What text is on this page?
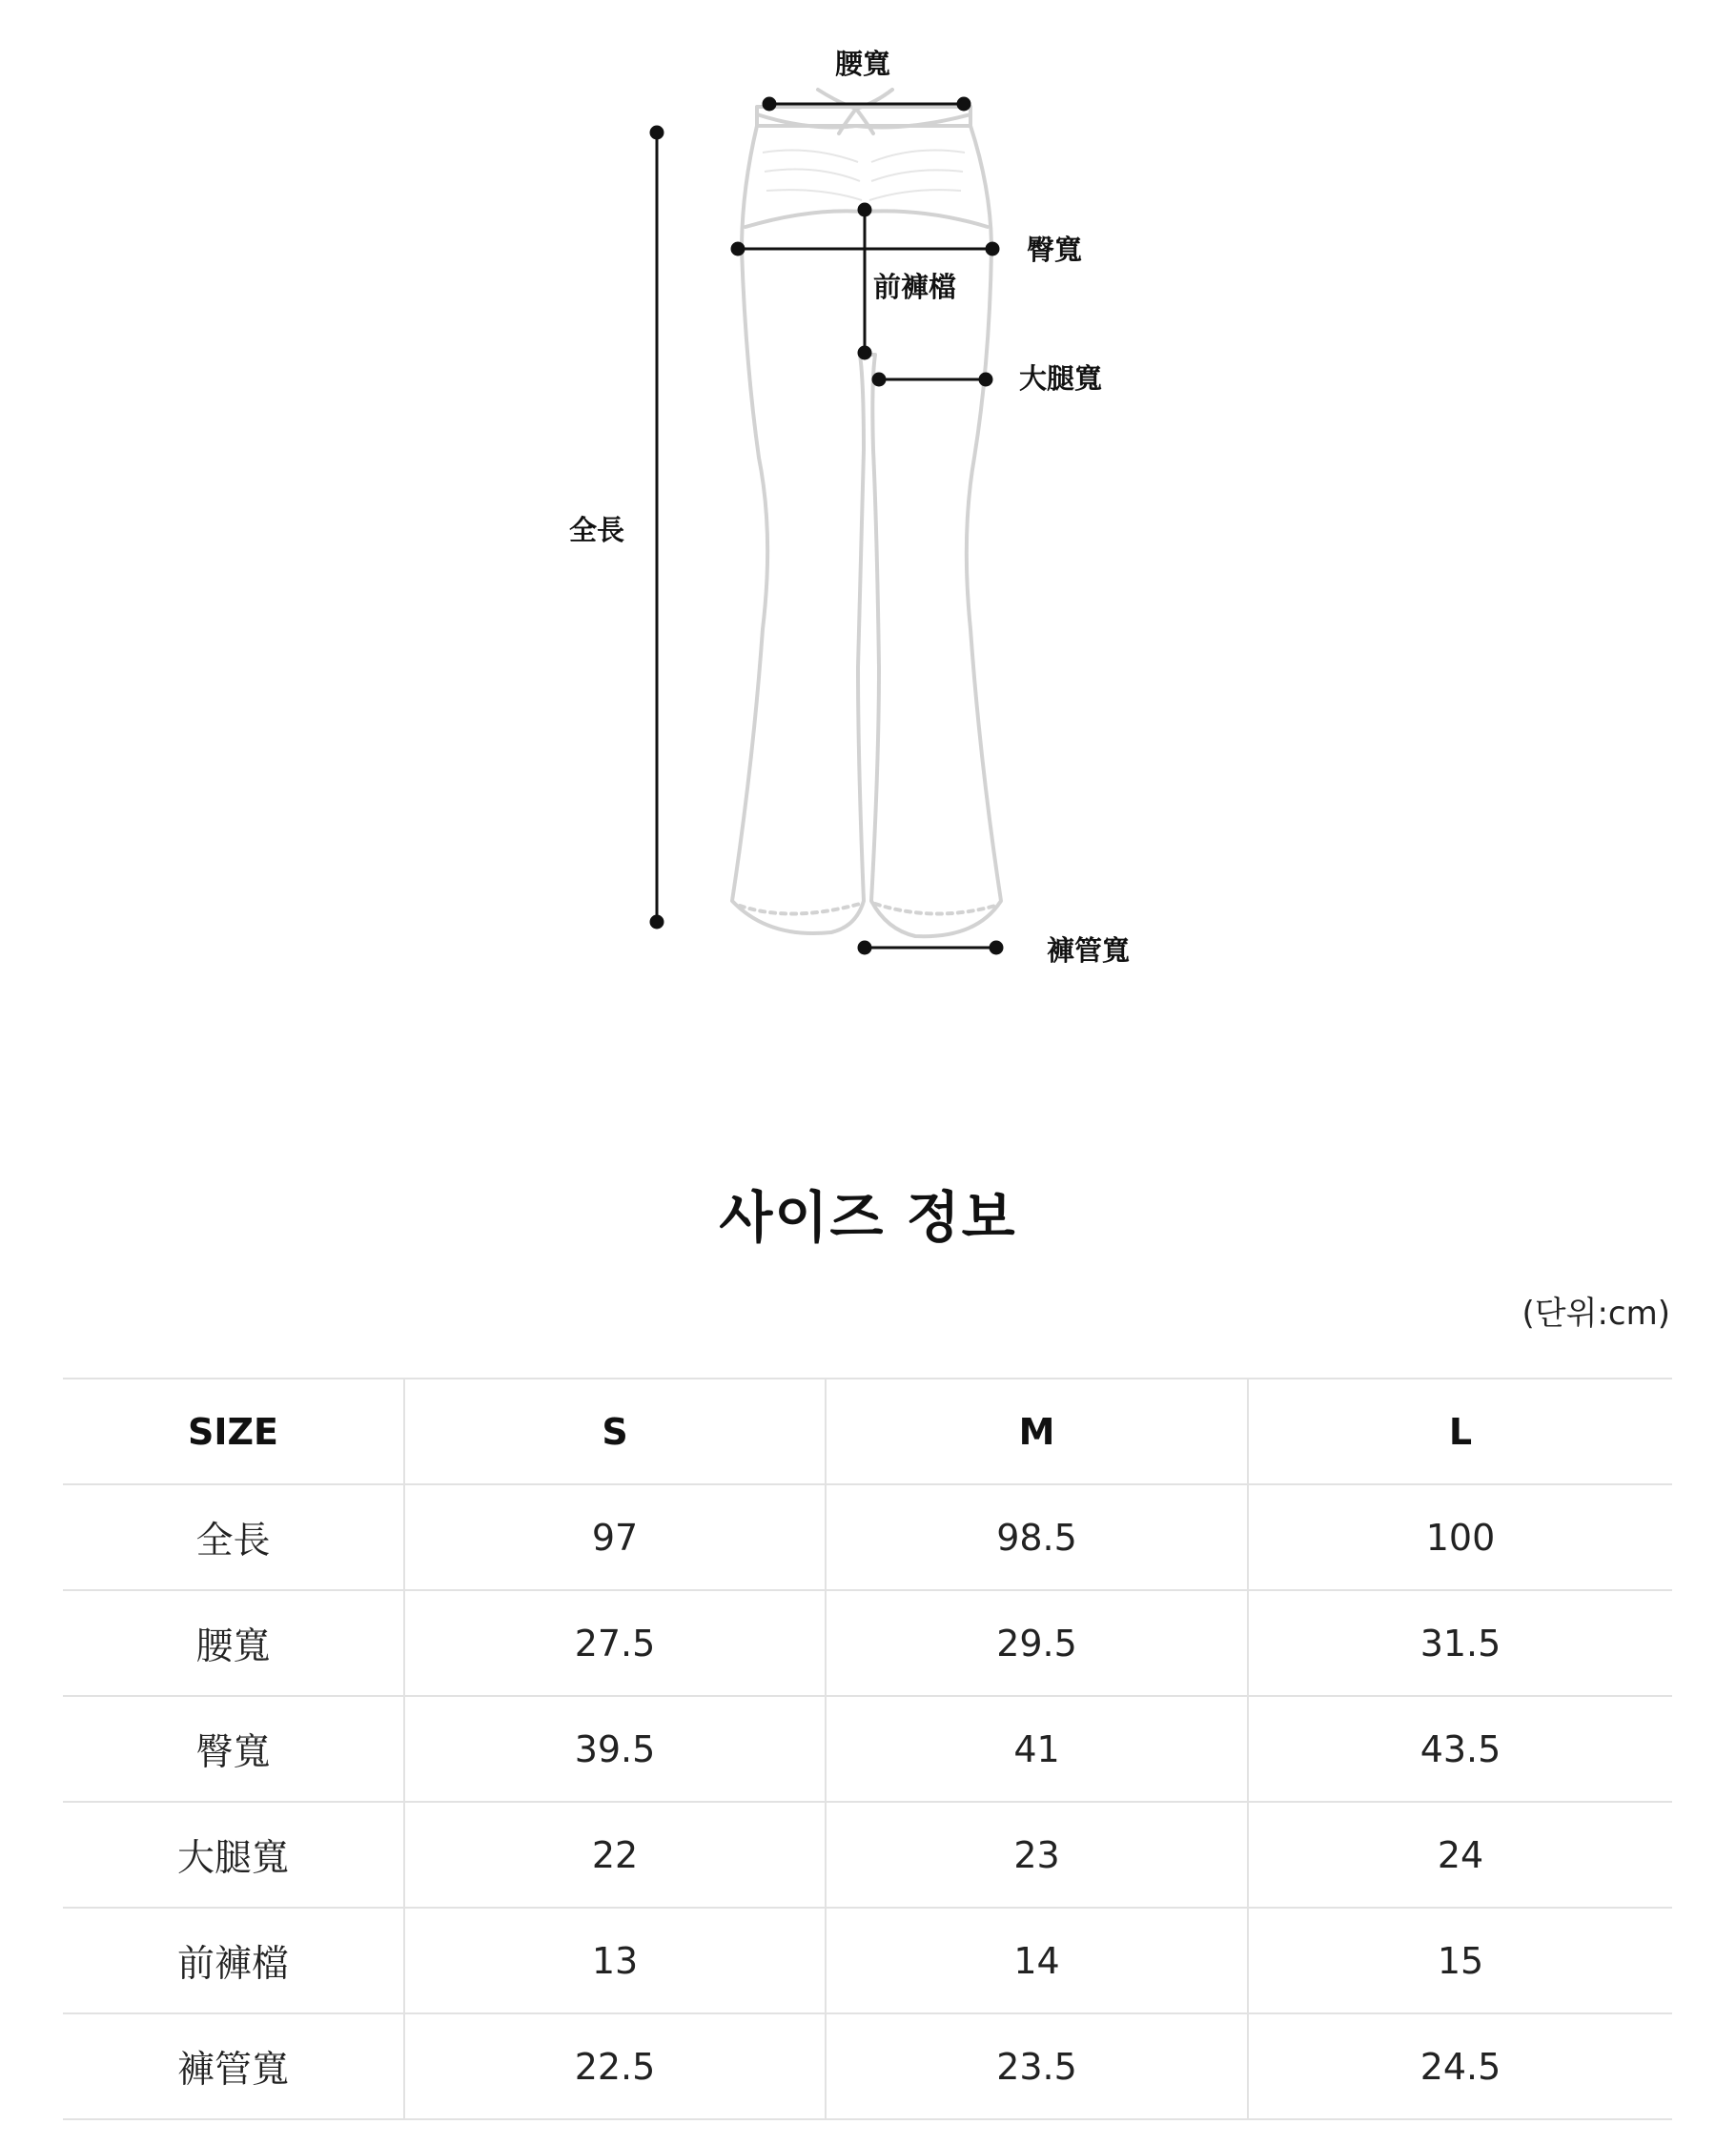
腰寬
臀寬
前褲檔
大腿寬
全長
褲管寬
사이즈 정보
(단위:cm)
SIZE	S	M	L
全長	97	98.5	100
腰寬	27.5	29.5	31.5
臀寬	39.5	41	43.5
大腿寬	22	23	24
前褲檔	13	14	15
褲管寬	22.5	23.5	24.5
